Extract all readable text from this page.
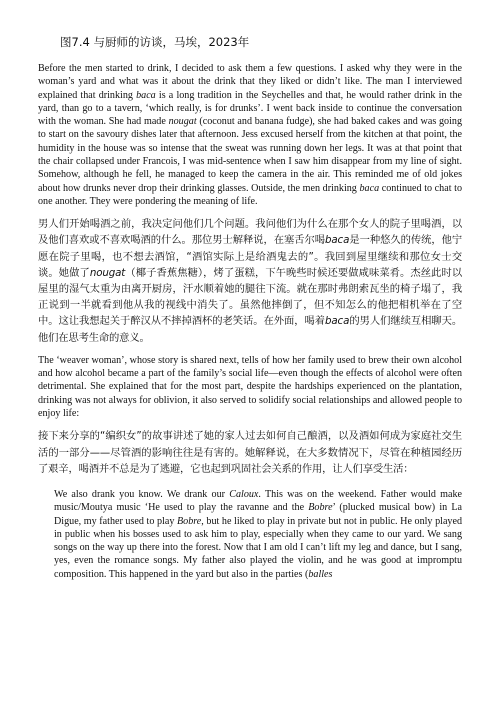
图7.4 与厨师的访谈，马埃，2023年

Before the men started to drink, I decided to ask them a few questions. I asked why they were in the woman’s yard and what was it about the drink that they liked or didn’t like. The man I interviewed explained that drinking baca is a long tradition in the Seychelles and that, he would rather drink in the yard, than go to a tavern, ‘which really, is for drunks’. I went back inside to continue the conversation with the woman. She had made nougat (coconut and banana fudge), she had baked cakes and was going to start on the savoury dishes later that afternoon. Jess excused herself from the kitchen at that point, the humidity in the house was so intense that the sweat was running down her legs. It was at that point that the chair collapsed under Francois, I was mid-sentence when I saw him disappear from my line of sight. Somehow, although he fell, he managed to keep the camera in the air. This reminded me of old jokes about how drunks never drop their drinking glasses. Outside, the men drinking baca continued to chat to one another. They were pondering the meaning of life.

男人们开始喝酒之前，我决定问他们几个问题。我问他们为什么在那个女人的院子里喝酒，以及他们喜欢或不喜欢喝酒的什么。那位男士解释说，在塞舌尔喝baca是一种悠久的传统，他宁愿在院子里喝，也不想去酒馆，“酒馆实际上是给酒鬼去的”。我回到屋里继续和那位女士交谈。她做了nougat（椰子香蕉焦糖），烤了蛋糕，下午晚些时候还要做咸味菜肴。杰丝此时以屋里的湿气太重为由离开厨房，汗水顺着她的腿往下流。就在那时弗朗索瓦坐的椅子塌了，我正说到一半就看到他从我的视线中消失了。虽然他摔倒了，但不知怎么的他把相机举在了空中。这让我想起关于醉汉从不摔掉酒杯的老笑话。在外面，喝着baca的男人们继续互相聊天。他们在思考生命的意义。

The ‘weaver woman’, whose story is shared next, tells of how her family used to brew their own alcohol and how alcohol became a part of the family’s social life—even though the effects of alcohol were often detrimental. She explained that for the most part, despite the hardships experienced on the plantation, drinking was not always for oblivion, it also served to solidify social relationships and allowed people to enjoy life:

接下来分享的“编织女”的故事讲述了她的家人过去如何自己酿酒，以及酒如何成为家庭社交生活的一部分——尽管酒的影响往往是有害的。她解释说，在大多数情况下，尽管在种植园经历了艰辛，喝酒并不总是为了逃避，它也起到巩固社会关系的作用，让人们享受生活：

We also drank you know. We drank our Caloux. This was on the weekend. Father would make music/Moutya music ‘He used to play the ravanne and the Bobre’ (plucked musical bow) in La Digue, my father used to play Bobre, but he liked to play in private but not in public. He only played in public when his bosses used to ask him to play, especially when they came to our yard. We sang songs on the way up there into the forest. Now that I am old I can’t lift my leg and dance, but I sang, yes, even the romance songs. My father also played the violin, and he was good at impromptu composition. This happened in the yard but also in the parties (balles
